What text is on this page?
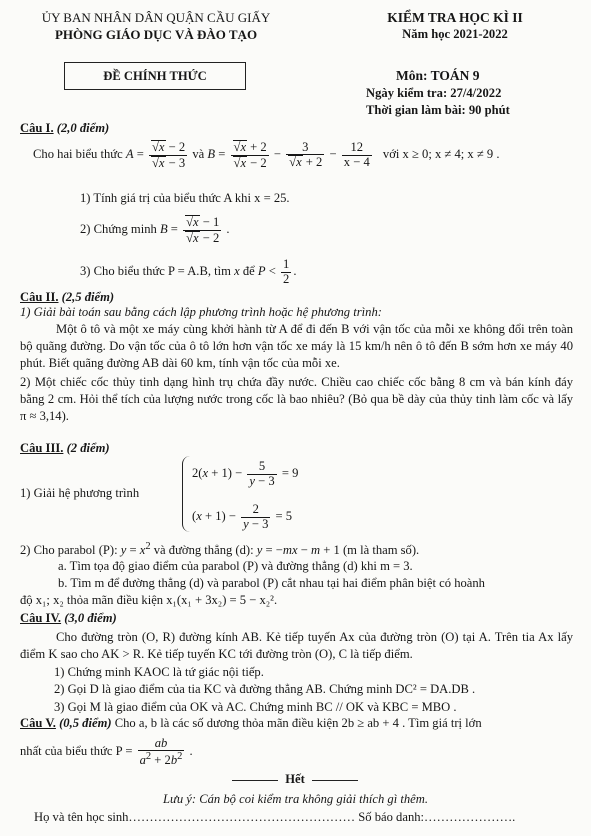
ỦY BAN NHÂN DÂN QUẬN CẦU GIẤY
PHÒNG GIÁO DỤC VÀ ĐÀO TẠO
KIỂM TRA HỌC KÌ II
Năm học 2021-2022
ĐỀ CHÍNH THỨC	Môn: TOÁN 9
Ngày kiểm tra: 27/4/2022
Thời gian làm bài: 90 phút
Câu I. (2,0 điểm)
Cho hai biểu thức A = √ x − 2
√ x − 3 và B = √ x + 2
√ x − 2 − 3
√ $x + 2 - \frac{12}{x - 4}$ với x ≥ 0; x ≠ 4; x ≠ 9 .
1) Tính giá trị của biểu thức A khi x = 25.
2) Chứng minh B = √ x − 1
√ x − 2 .
3) Cho biểu thức P = A.B, tìm x để $P < \frac{1}{2}$ .
Câu II. (2,5 điểm)
1) Giải bài toán sau bằng cách lập phương trình hoặc hệ phương trình:
Một ô tô và một xe máy cùng khởi hành từ A để đi đến B với vận tốc của mỗi xe không đổi trên toàn bộ quãng đường. Do vận tốc của ô tô lớn hơn vận tốc xe máy là 15 km/h nên ô tô đến B sớm hơn xe máy 40 phút. Biết quãng đường AB dài 60 km, tính vận tốc của mỗi xe.
2) Một chiếc cốc thủy tinh dạng hình trụ chứa đầy nước. Chiều cao chiếc cốc bằng 8 cm và bán kính đáy bằng 2 cm. Hỏi thể tích của lượng nước trong cốc là bao nhiêu? (Bỏ qua bề dày của thủy tinh làm cốc và lấy π ≈ 3,14).
Câu III. (2 điểm)
1) Giải hệ phương trình
$2(x + 1) - \frac{5}{y - 3} = 9$
$(x + 1) - \frac{2}{y - 3} = 5$
2) Cho parabol (P): $y = x^2$ và đường thẳng (d): y = −mx − m + 1 (m là tham số).
a. Tìm tọa độ giao điểm của parabol (P) và đường thẳng (d) khi m = 3.
b. Tìm m để đường thẳng (d) và parabol (P) cắt nhau tại hai điểm phân biệt có hoành
độ x₁; x₂ thỏa mãn điều kiện x₁(x₁ + 3x₂) = 5 − x₂².
Câu IV. (3,0 điểm)
Cho đường tròn (O, R) đường kính AB. Kẻ tiếp tuyến Ax của đường tròn (O) tại A. Trên tia Ax lấy điểm K sao cho AK > R. Kẻ tiếp tuyến KC tới đường tròn (O), C là tiếp điểm.
1) Chứng minh KAOC là tứ giác nội tiếp.
2) Gọi D là giao điểm của tia KC và đường thẳng AB. Chứng minh DC² = DA.DB .
3) Gọi M là giao điểm của OK và AC. Chứng minh BC // OK và KBC = MBO .
Câu V. (0,5 điểm) Cho a, b là các số dương thỏa mãn điều kiện 2b ≥ ab + 4 . Tìm giá trị lớn
nhất của biểu thức $P = \frac{ab}{a^2 + 2b^2}$ .
Hết
Lưu ý: Cán bộ coi kiểm tra không giải thích gì thêm.
Họ và tên học sinh……………………………………………… Số báo danh:………………….
